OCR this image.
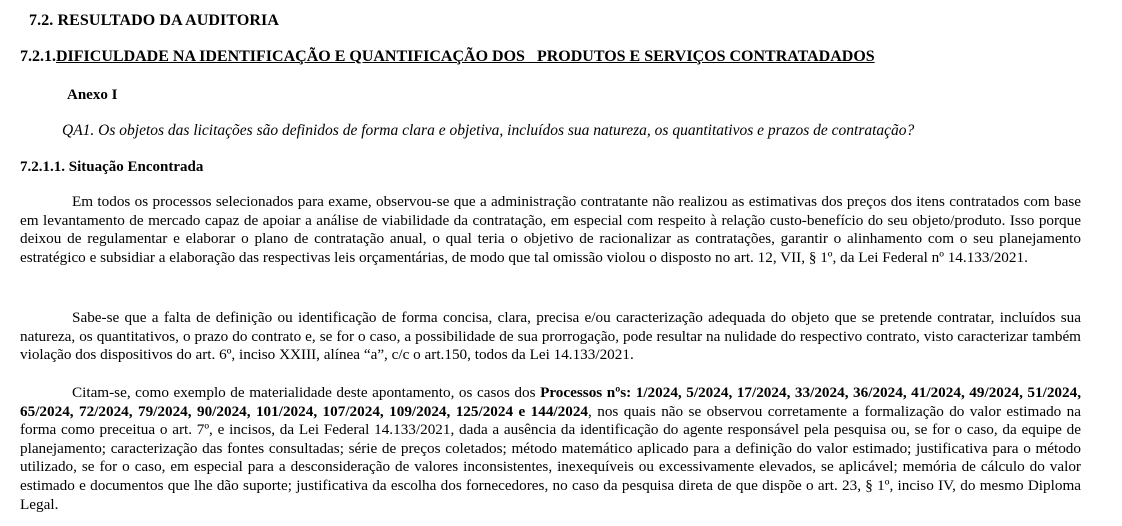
7.2. RESULTADO DA AUDITORIA
7.2.1.DIFICULDADE NA IDENTIFICAÇÃO E QUANTIFICAÇÃO DOS   PRODUTOS E SERVIÇOS CONTRATADADOS
Anexo I
QA1. Os objetos das licitações são definidos de forma clara e objetiva, incluídos sua natureza, os quantitativos e prazos de contratação?
7.2.1.1. Situação Encontrada

Em todos os processos selecionados para exame, observou-se que a administração contratante não realizou as estimativas dos preços dos itens contratados com base em levantamento de mercado capaz de apoiar a análise de viabilidade da contratação, em especial com respeito à relação custo-benefício do seu objeto/produto. Isso porque deixou de regulamentar e elaborar o plano de contratação anual, o qual teria o objetivo de racionalizar as contratações, garantir o alinhamento com o seu planejamento estratégico e subsidiar a elaboração das respectivas leis orçamentárias, de modo que tal omissão violou o disposto no art. 12, VII, § 1º, da Lei Federal nº 14.133/2021.

Sabe-se que a falta de definição ou identificação de forma concisa, clara, precisa e/ou caracterização adequada do objeto que se pretende contratar, incluídos sua natureza, os quantitativos, o prazo do contrato e, se for o caso, a possibilidade de sua prorrogação, pode resultar na nulidade do respectivo contrato, visto caracterizar também violação dos dispositivos do art. 6º, inciso XXIII, alínea “a”, c/c o art.150, todos da Lei 14.133/2021.

Citam-se, como exemplo de materialidade deste apontamento, os casos dos Processos nºs: 1/2024, 5/2024, 17/2024, 33/2024, 36/2024, 41/2024, 49/2024, 51/2024, 65/2024, 72/2024, 79/2024, 90/2024, 101/2024, 107/2024, 109/2024, 125/2024 e 144/2024, nos quais não se observou corretamente a formalização do valor estimado na forma como preceitua o art. 7º, e incisos, da Lei Federal 14.133/2021, dada a ausência da identificação do agente responsável pela pesquisa ou, se for o caso, da equipe de planejamento; caracterização das fontes consultadas; série de preços coletados; método matemático aplicado para a definição do valor estimado; justificativa para o método utilizado, se for o caso, em especial para a desconsideração de valores inconsistentes, inexequíveis ou excessivamente elevados, se aplicável; memória de cálculo do valor estimado e documentos que lhe dão suporte; justificativa da escolha dos fornecedores, no caso da pesquisa direta de que dispõe o art. 23, § 1º, inciso IV, do mesmo Diploma Legal.
